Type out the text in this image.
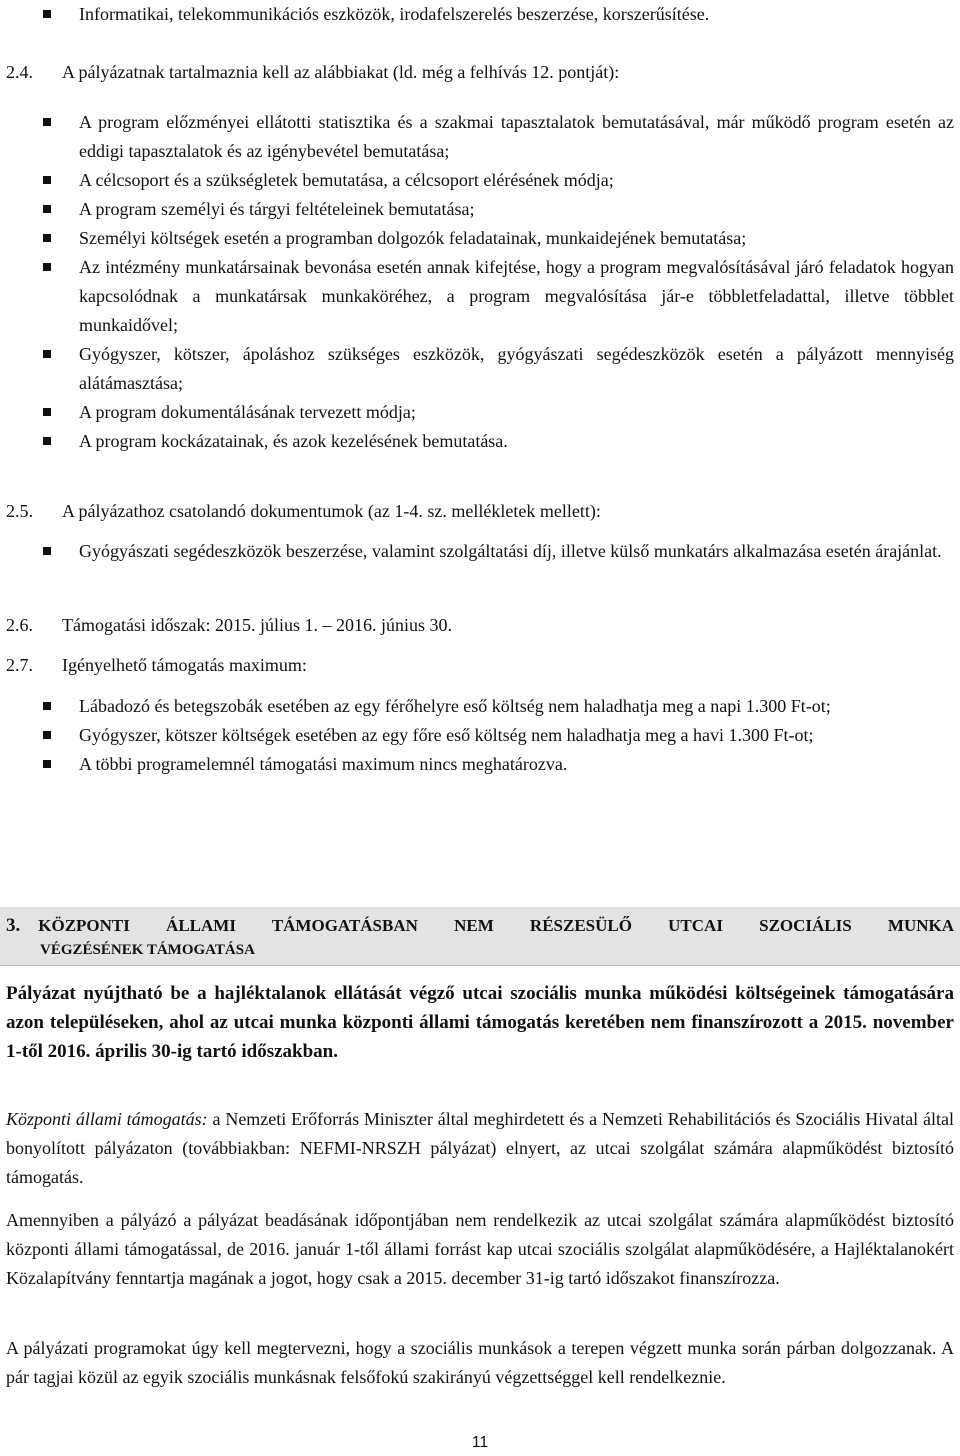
Informatikai, telekommunikációs eszközök, irodafelszerelés beszerzése, korszerűsítése.
2.4. A pályázatnak tartalmaznia kell az alábbiakat (ld. még a felhívás 12. pontját):
A program előzményei ellátotti statisztika és a szakmai tapasztalatok bemutatásával, már működő program esetén az eddigi tapasztalatok és az igénybevétel bemutatása;
A célcsoport és a szükségletek bemutatása, a célcsoport elérésének módja;
A program személyi és tárgyi feltételeinek bemutatása;
Személyi költségek esetén a programban dolgozók feladatainak, munkaidejének bemutatása;
Az intézmény munkatársainak bevonása esetén annak kifejtése, hogy a program megvalósításával járó feladatok hogyan kapcsolódnak a munkatársak munkaköréhez, a program megvalósítása jár-e többletfeladattal, illetve többlet munkaidővel;
Gyógyszer, kötszer, ápoláshoz szükséges eszközök, gyógyászati segédeszközök esetén a pályázott mennyiség alátámasztása;
A program dokumentálásának tervezett módja;
A program kockázatainak, és azok kezelésének bemutatása.
2.5. A pályázathoz csatolandó dokumentumok (az 1-4. sz. mellékletek mellett):
Gyógyászati segédeszközök beszerzése, valamint szolgáltatási díj, illetve külső munkatárs alkalmazása esetén árajánlat.
2.6. Támogatási időszak: 2015. július 1. – 2016. június 30.
2.7. Igényelhető támogatás maximum:
Lábadozó és betegszobák esetében az egy férőhelyre eső költség nem haladhatja meg a napi 1.300 Ft-ot;
Gyógyszer, kötszer költségek esetében az egy főre eső költség nem haladhatja meg a havi 1.300 Ft-ot;
A többi programelemnél támogatási maximum nincs meghatározva.
3. KÖZPONTI ÁLLAMI TÁMOGATÁSBAN NEM RÉSZESÜLŐ UTCAI SZOCIÁLIS MUNKA
VÉGZÉSÉNEK TÁMOGATÁSA
Pályázat nyújtható be a hajléktalanok ellátását végző utcai szociális munka működési költségeinek támogatására azon településeken, ahol az utcai munka központi állami támogatás keretében nem finanszírozott a 2015. november 1-től 2016. április 30-ig tartó időszakban.
Központi állami támogatás: a Nemzeti Erőforrás Miniszter által meghirdetett és a Nemzeti Rehabilitációs és Szociális Hivatal által bonyolított pályázaton (továbbiakban: NEFMI-NRSZH pályázat) elnyert, az utcai szolgálat számára alapműködést biztosító támogatás.
Amennyiben a pályázó a pályázat beadásának időpontjában nem rendelkezik az utcai szolgálat számára alapműködést biztosító központi állami támogatással, de 2016. január 1-től állami forrást kap utcai szociális szolgálat alapműködésére, a Hajléktalanokért Közalapítvány fenntartja magának a jogot, hogy csak a 2015. december 31-ig tartó időszakot finanszírozza.
A pályázati programokat úgy kell megtervezni, hogy a szociális munkások a terepen végzett munka során párban dolgozzanak. A pár tagjai közül az egyik szociális munkásnak felsőfokú szakirányú végzettséggel kell rendelkeznie.
11
